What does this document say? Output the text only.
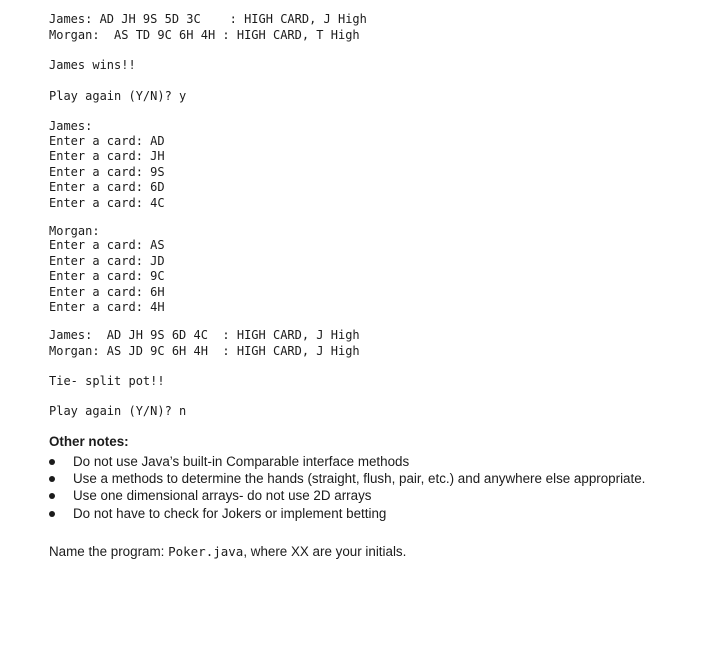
James: AD JH 9S 5D 3C    : HIGH CARD, J High
Morgan:  AS TD 9C 6H 4H : HIGH CARD, T High
James wins!!
Play again (Y/N)? y
James:
Enter a card: AD
Enter a card: JH
Enter a card: 9S
Enter a card: 6D
Enter a card: 4C
Morgan:
Enter a card: AS
Enter a card: JD
Enter a card: 9C
Enter a card: 6H
Enter a card: 4H
James:  AD JH 9S 6D 4C  : HIGH CARD, J High
Morgan: AS JD 9C 6H 4H  : HIGH CARD, J High
Tie- split pot!!
Play again (Y/N)? n
Other notes:
Do not use Java’s built-in Comparable interface methods
Use a methods to determine the hands (straight, flush, pair, etc.) and anywhere else appropriate.
Use one dimensional arrays- do not use 2D arrays
Do not have to check for Jokers or implement betting
Name the program: Poker.java, where XX are your initials.
